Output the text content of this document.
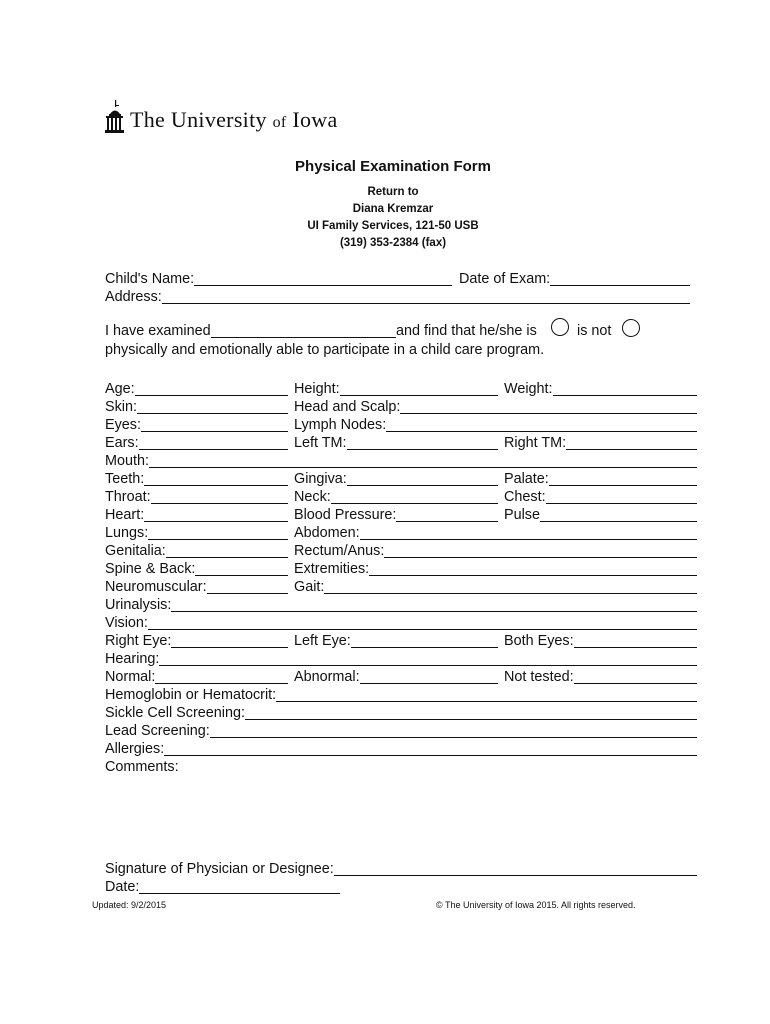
The University of Iowa
Physical Examination Form
Return to
Diana Kremzar
UI Family Services, 121-50 USB
(319) 353-2384 (fax)
Child's Name:	Date of Exam:
Address:
I have examined	and find that he/she is	is not
physically and emotionally able to participate in a child care program.
Age:	Height:	Weight:
Skin:	Head and Scalp:
Eyes:	Lymph Nodes:
Ears:	Left TM:	Right TM:
Mouth:
Teeth:	Gingiva:	Palate:
Throat:	Neck:	Chest:
Heart:	Blood Pressure:	Pulse
Lungs:	Abdomen:
Genitalia:	Rectum/Anus:
Spine & Back:	Extremities:
Neuromuscular:	Gait:
Urinalysis:
Vision:
Right Eye:	Left Eye:	Both Eyes:
Hearing:
Normal:	Abnormal:	Not tested:
Hemoglobin or Hematocrit:
Sickle Cell Screening:
Lead Screening:
Allergies:
Comments:
Signature of Physician or Designee:
Date:
Updated: 9/2/2015	© The University of Iowa 2015. All rights reserved.
